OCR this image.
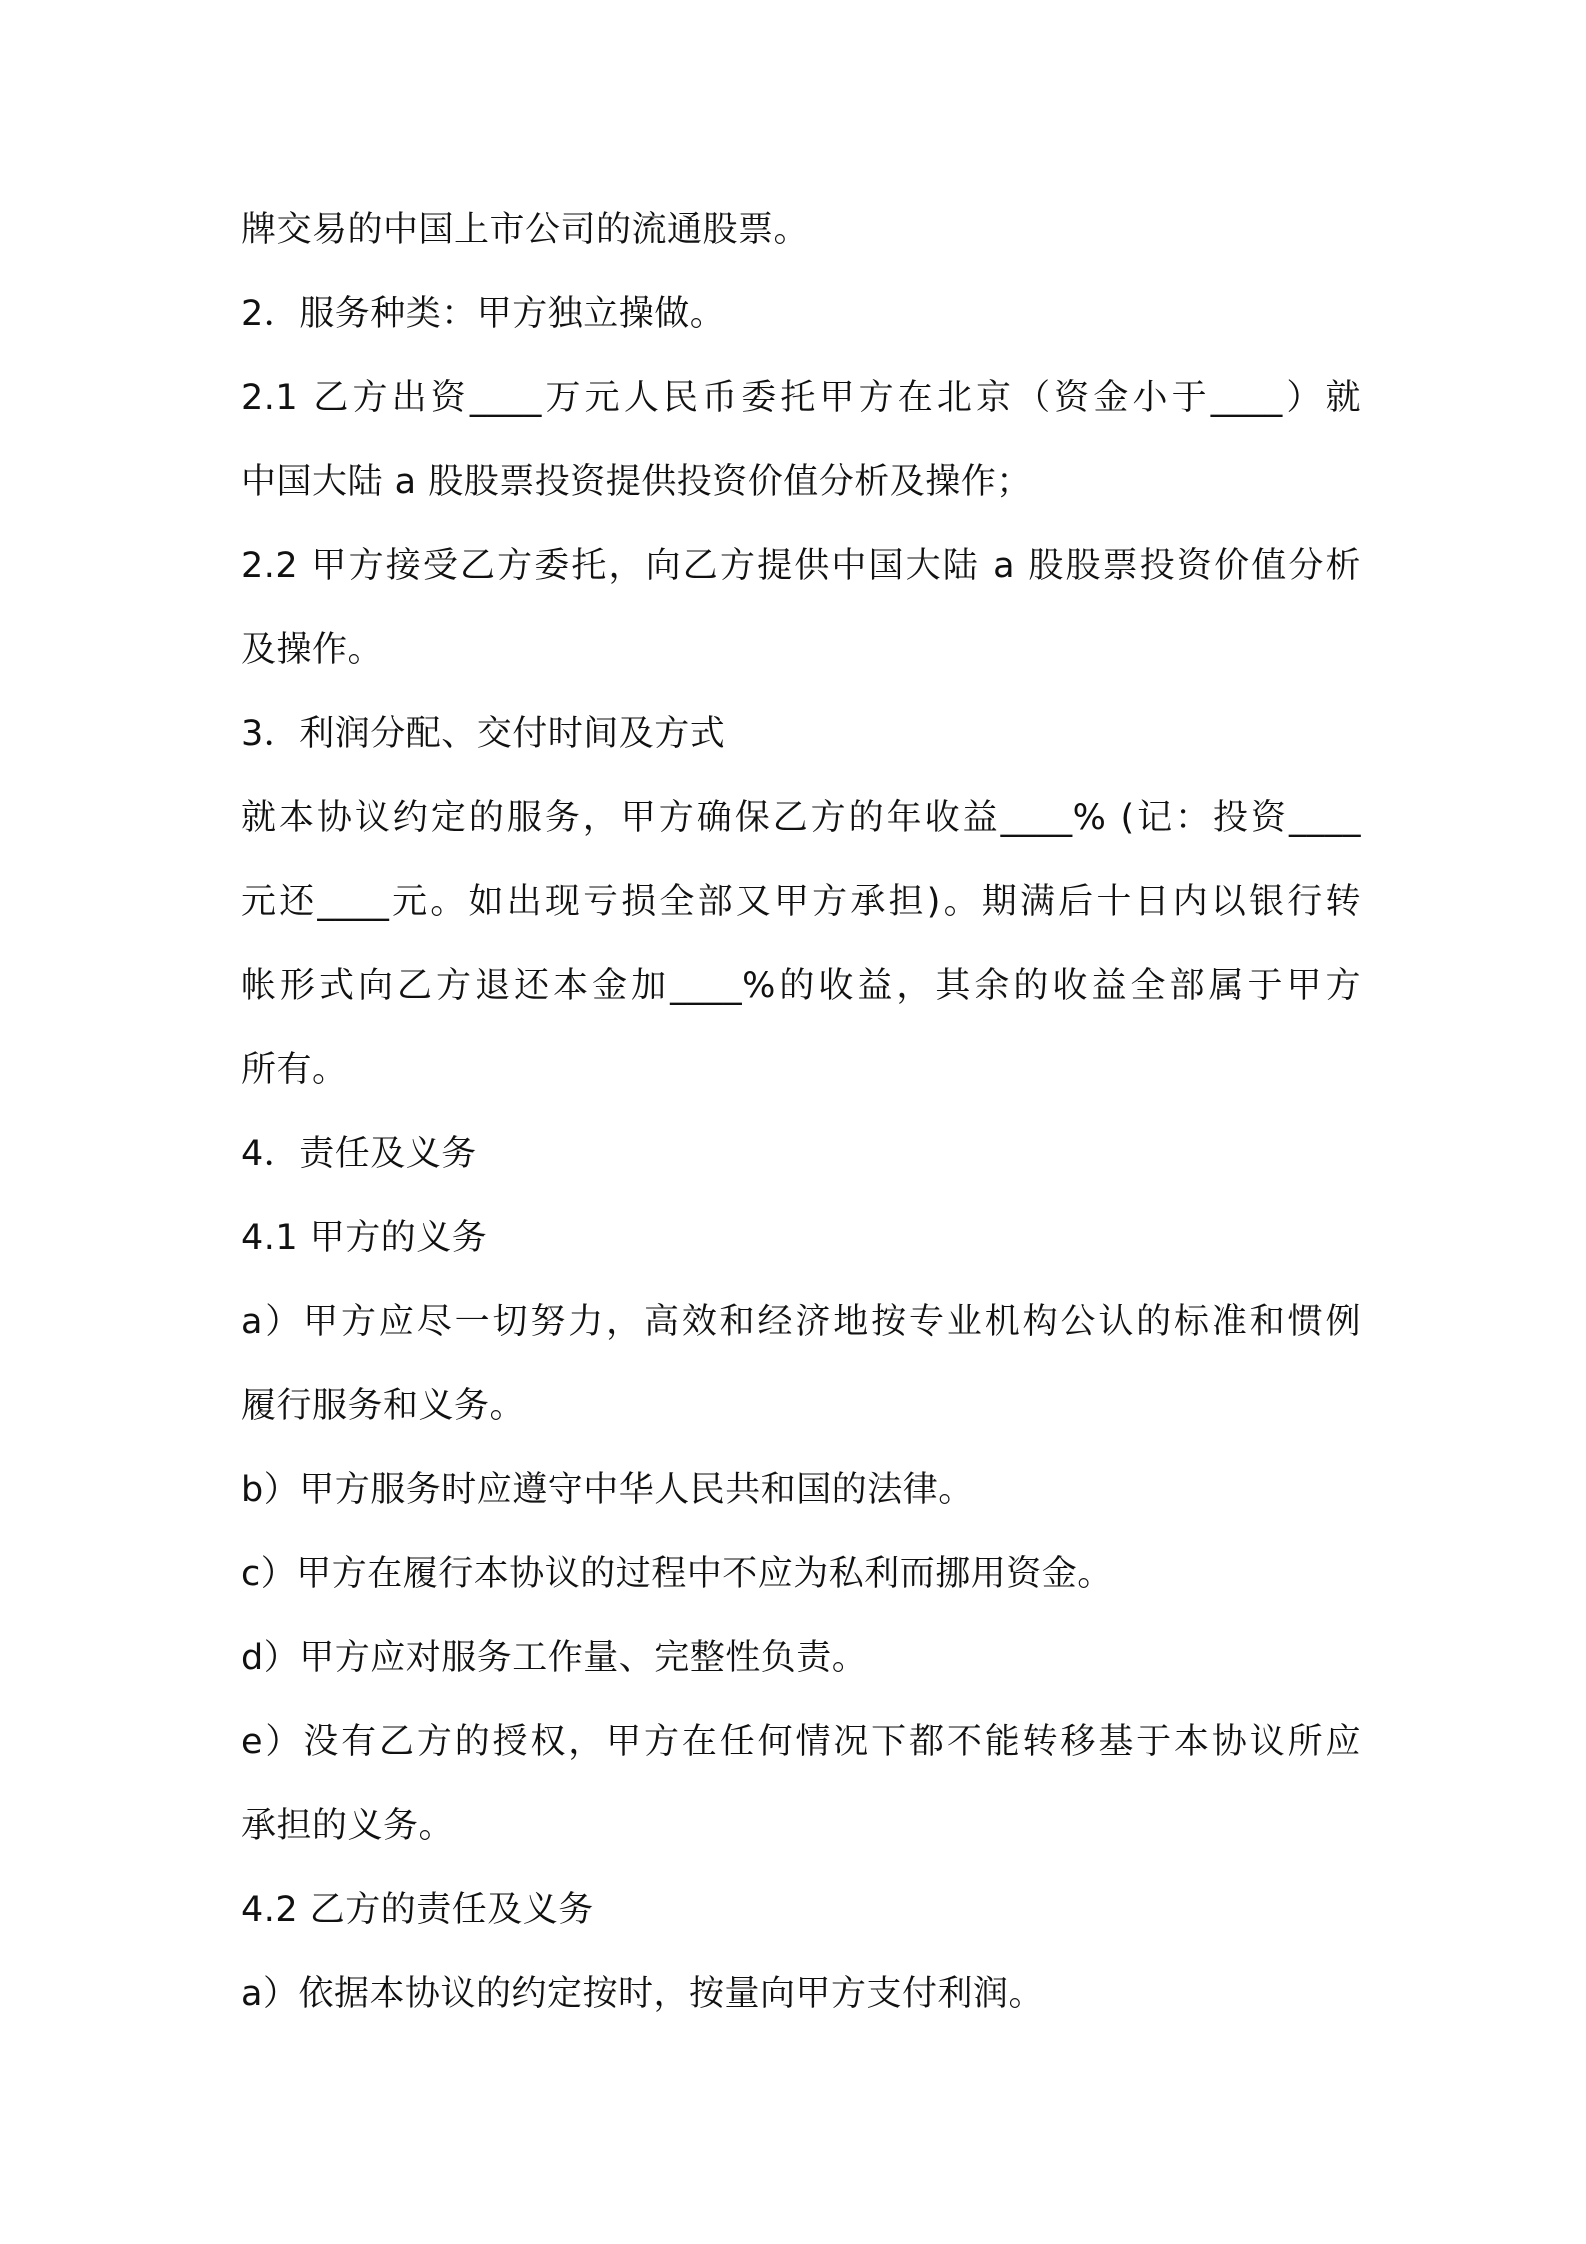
牌交易的中国上市公司的流通股票。
2．服务种类：甲方独立操做。
2.1 乙方出资____万元人民币委托甲方在北京（资金小于____）就
中国大陆 a 股股票投资提供投资价值分析及操作；
2.2 甲方接受乙方委托，向乙方提供中国大陆 a 股股票投资价值分析
及操作。
3．利润分配、交付时间及方式
就本协议约定的服务，甲方确保乙方的年收益____% (记：投资____
元还____元。如出现亏损全部又甲方承担)。期满后十日内以银行转
帐形式向乙方退还本金加____%的收益，其余的收益全部属于甲方
所有。
4．责任及义务
4.1 甲方的义务
a）甲方应尽一切努力，高效和经济地按专业机构公认的标准和惯例
履行服务和义务。
b）甲方服务时应遵守中华人民共和国的法律。
c）甲方在履行本协议的过程中不应为私利而挪用资金。
d）甲方应对服务工作量、完整性负责。
e）没有乙方的授权，甲方在任何情况下都不能转移基于本协议所应
承担的义务。
4.2 乙方的责任及义务
a）依据本协议的约定按时，按量向甲方支付利润。
